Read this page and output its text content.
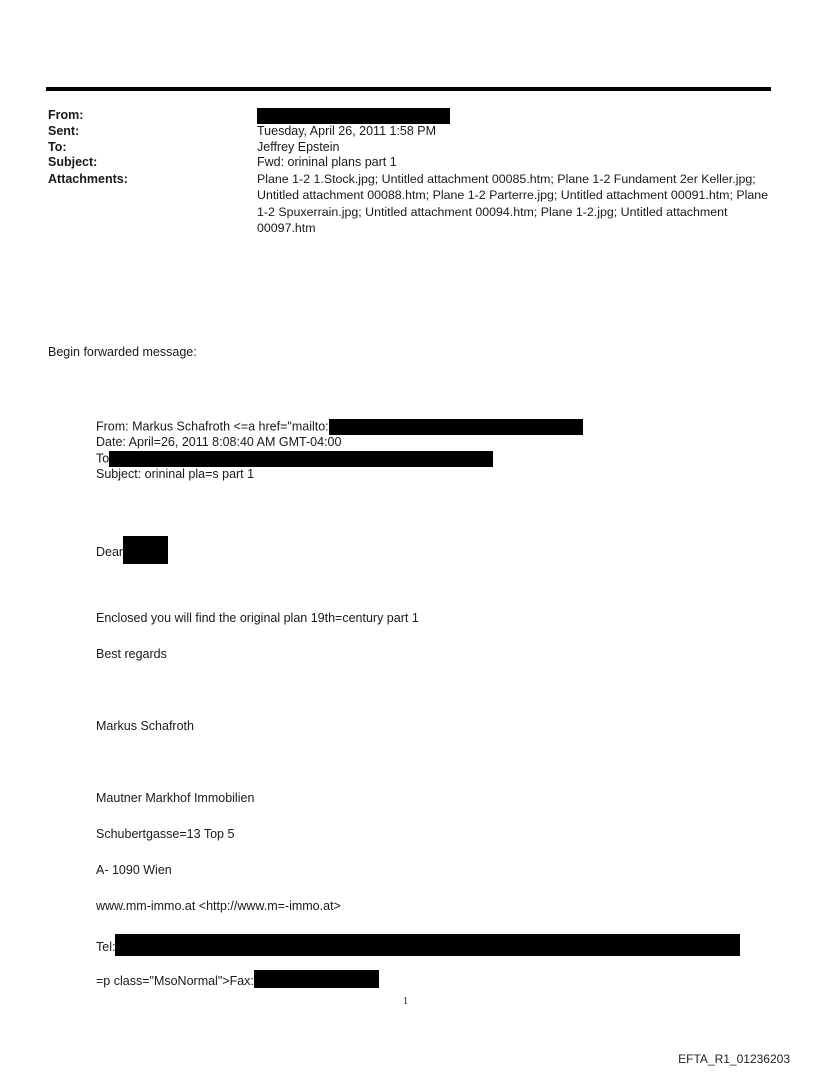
From:
Sent:	Tuesday, April 26, 2011 1:58 PM
To:	Jeffrey Epstein
Subject:	Fwd: orininal plans part 1
Attachments:	Plane 1-2 1.Stock.jpg; Untitled attachment 00085.htm; Plane 1-2 Fundament 2er Keller.jpg; Untitled attachment 00088.htm; Plane 1-2 Parterre.jpg; Untitled attachment 00091.htm; Plane 1-2 Spuxerrain.jpg; Untitled attachment 00094.htm; Plane 1-2.jpg; Untitled attachment 00097.htm
Begin forwarded message:
From: Markus Schafroth <=a href="mailto:
Date: April=26, 2011 8:08:40 AM GMT-04:00
To
Subject: orininal pla=s part 1
Dear
Enclosed you will find the original plan 19th=century part 1
Best regards
Markus Schafroth
Mautner Markhof Immobilien
Schubertgasse=13 Top 5
A- 1090 Wien
www.mm-immo.at <http://www.m=-immo.at>
Tel:
=p class="MsoNormal">Fax:
1
EFTA_R1_01236203
